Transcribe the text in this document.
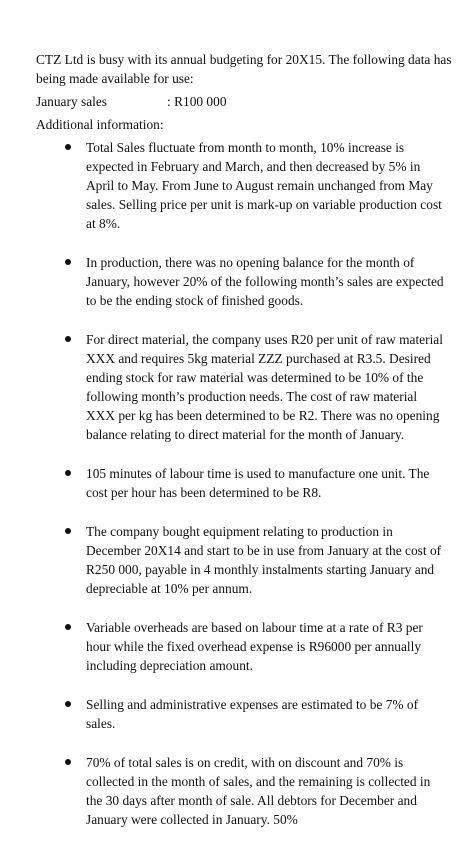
CTZ Ltd is busy with its annual budgeting for 20X15. The following data has being made available for use:

January sales	: R100 000

Additional information:

Total Sales fluctuate from month to month, 10% increase is expected in February and March, and then decreased by 5% in April to May. From June to August remain unchanged from May sales. Selling price per unit is mark-up on variable production cost at 8%.
In production, there was no opening balance for the month of January, however 20% of the following month’s sales are expected to be the ending stock of finished goods.
For direct material, the company uses R20 per unit of raw material XXX and requires 5kg material ZZZ purchased at R3.5. Desired ending stock for raw material was determined to be 10% of the following month’s production needs. The cost of raw material XXX per kg has been determined to be R2. There was no opening balance relating to direct material for the month of January.
105 minutes of labour time is used to manufacture one unit. The cost per hour has been determined to be R8.
The company bought equipment relating to production in December 20X14 and start to be in use from January at the cost of R250 000, payable in 4 monthly instalments starting January and depreciable at 10% per annum.
Variable overheads are based on labour time at a rate of R3 per hour while the fixed overhead expense is R96000 per annually including depreciation amount.
Selling and administrative expenses are estimated to be 7% of sales.
70% of total sales is on credit, with on discount and 70% is collected in the month of sales, and the remaining is collected in the 30 days after month of sale. All debtors for December and January were collected in January. 50%
